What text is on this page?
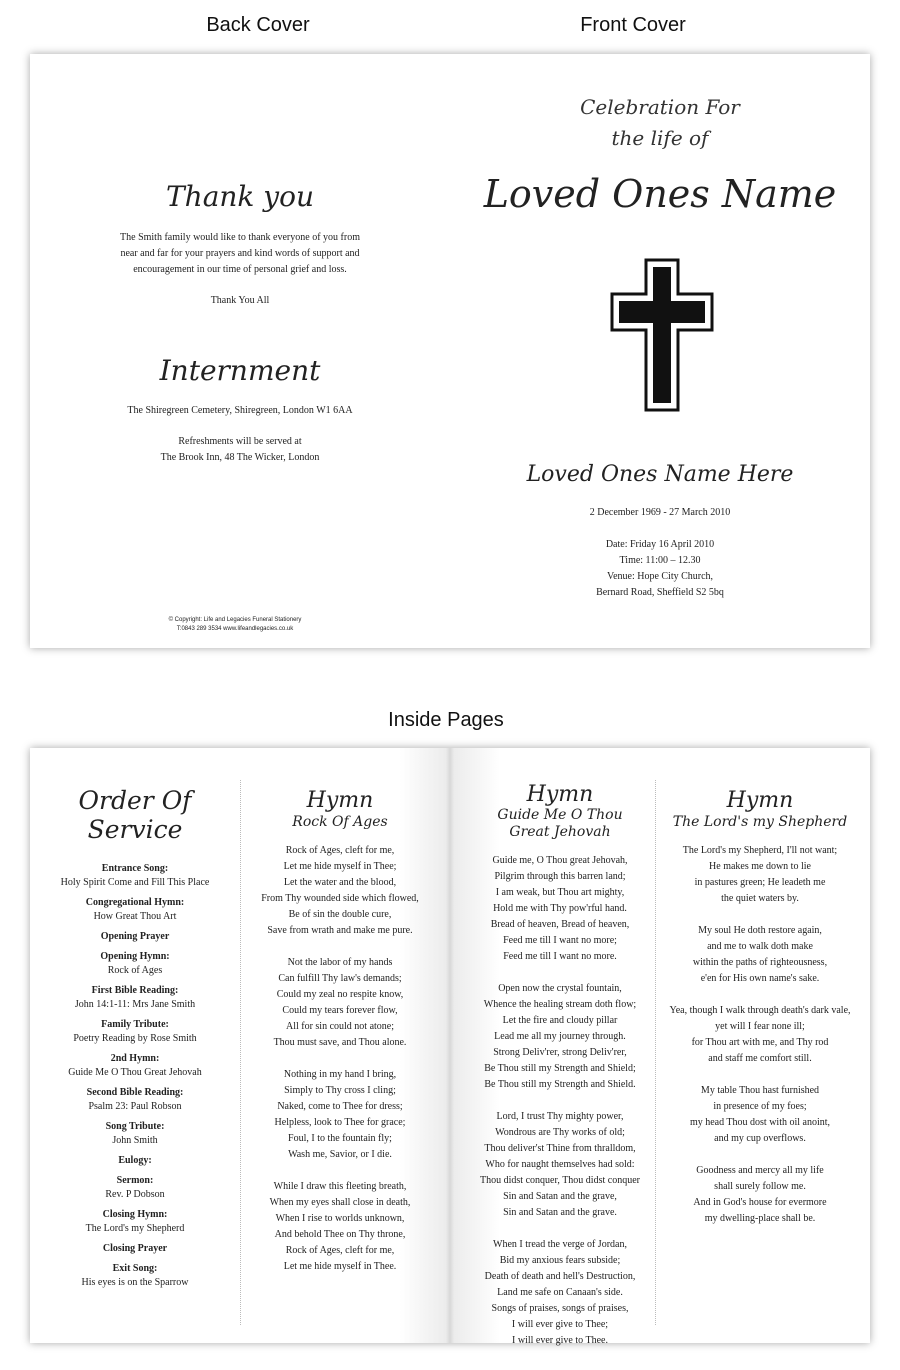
Back Cover	Front Cover
Inside Pages
Thank you
The Smith family would like to thank everyone of you from
near and far for your prayers and kind words of support and
encouragement in our time of personal grief and loss.
Thank You All
Internment
The Shiregreen Cemetery, Shiregreen, London W1 6AA
Refreshments will be served at
The Brook Inn, 48 The Wicker, London
© Copyright: Life and Legacies Funeral Stationery
T:0843 289 3534 www.lifeandlegacies.co.uk
Celebration For
the life of
Loved Ones Name
Loved Ones Name Here
2 December 1969 - 27 March 2010
Date: Friday 16 April 2010
Time: 11:00 – 12.30
Venue: Hope City Church,
Bernard Road, Sheffield S2 5bq
Order Of Service
Entrance Song:
Holy Spirit Come and Fill This Place
Congregational Hymn:
How Great Thou Art
Opening Prayer
Opening Hymn:
Rock of Ages
First Bible Reading:
John 14:1-11: Mrs Jane Smith
Family Tribute:
Poetry Reading by Rose Smith
2nd Hymn:
Guide Me O Thou Great Jehovah
Second Bible Reading:
Psalm 23: Paul Robson
Song Tribute:
John Smith
Eulogy:
Sermon:
Rev. P Dobson
Closing Hymn:
The Lord's my Shepherd
Closing Prayer
Exit Song:
His eyes is on the Sparrow
Hymn
Rock Of Ages
Rock of Ages, cleft for me,
Let me hide myself in Thee;
Let the water and the blood,
From Thy wounded side which flowed,
Be of sin the double cure,
Save from wrath and make me pure.
Not the labor of my hands
Can fulfill Thy law's demands;
Could my zeal no respite know,
Could my tears forever flow,
All for sin could not atone;
Thou must save, and Thou alone.
Nothing in my hand I bring,
Simply to Thy cross I cling;
Naked, come to Thee for dress;
Helpless, look to Thee for grace;
Foul, I to the fountain fly;
Wash me, Savior, or I die.
While I draw this fleeting breath,
When my eyes shall close in death,
When I rise to worlds unknown,
And behold Thee on Thy throne,
Rock of Ages, cleft for me,
Let me hide myself in Thee.
Hymn
Guide Me O Thou
Great Jehovah
Guide me, O Thou great Jehovah,
Pilgrim through this barren land;
I am weak, but Thou art mighty,
Hold me with Thy pow'rful hand.
Bread of heaven, Bread of heaven,
Feed me till I want no more;
Feed me till I want no more.
Open now the crystal fountain,
Whence the healing stream doth flow;
Let the fire and cloudy pillar
Lead me all my journey through.
Strong Deliv'rer, strong Deliv'rer,
Be Thou still my Strength and Shield;
Be Thou still my Strength and Shield.
Lord, I trust Thy mighty power,
Wondrous are Thy works of old;
Thou deliver'st Thine from thralldom,
Who for naught themselves had sold:
Thou didst conquer, Thou didst conquer
Sin and Satan and the grave,
Sin and Satan and the grave.
When I tread the verge of Jordan,
Bid my anxious fears subside;
Death of death and hell's Destruction,
Land me safe on Canaan's side.
Songs of praises, songs of praises,
I will ever give to Thee;
I will ever give to Thee.
Hymn
The Lord's my Shepherd
The Lord's my Shepherd, I'll not want;
He makes me down to lie
in pastures green; He leadeth me
the quiet waters by.
My soul He doth restore again,
and me to walk doth make
within the paths of righteousness,
e'en for His own name's sake.
Yea, though I walk through death's dark vale,
yet will I fear none ill;
for Thou art with me, and Thy rod
and staff me comfort still.
My table Thou hast furnished
in presence of my foes;
my head Thou dost with oil anoint,
and my cup overflows.
Goodness and mercy all my life
shall surely follow me.
And in God's house for evermore
my dwelling-place shall be.
